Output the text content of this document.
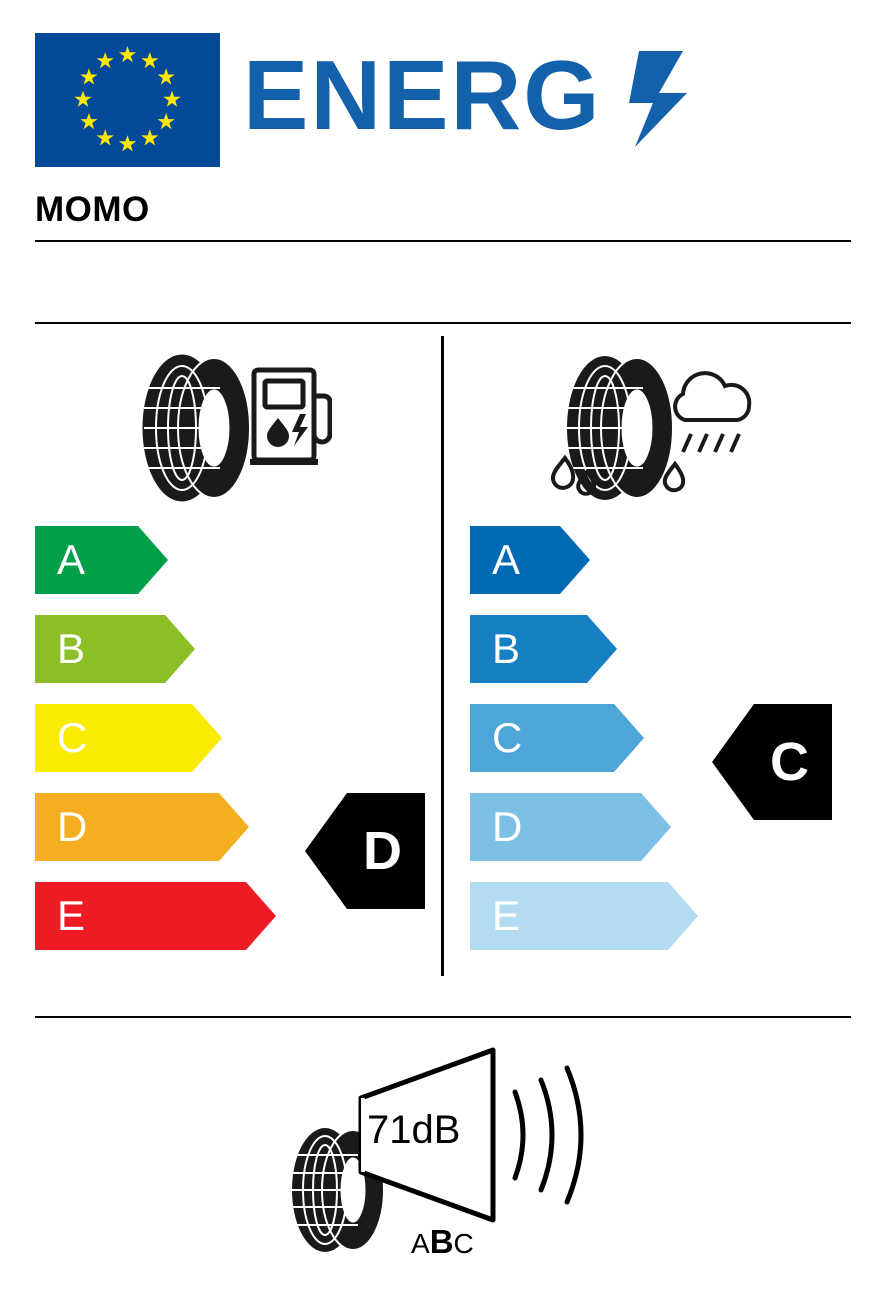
ENERG
MOMO
A
B
C
D
E
A
B
C
D
E
D
C
71dB
ABC
